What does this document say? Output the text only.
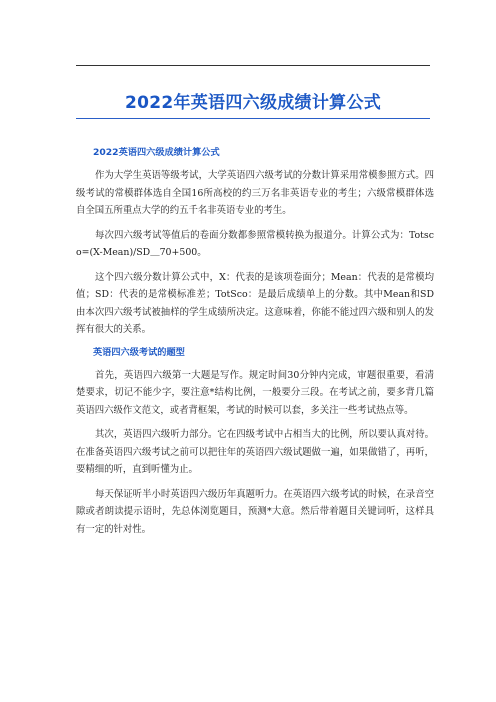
2022年英语四六级成绩计算公式
2022英语四六级成绩计算公式

作为大学生英语等级考试，大学英语四六级考试的分数计算采用常模参照方式。四级考试的常模群体选自全国16所高校的约三万名非英语专业的考生；六级常模群体选自全国五所重点大学的约五千名非英语专业的考生。

每次四六级考试等值后的卷面分数都参照常模转换为报道分。计算公式为：Totsco=(X-Mean)/SD＿70+500。

这个四六级分数计算公式中，X：代表的是该项卷面分；Mean：代表的是常模均值；SD：代表的是常模标准差；TotSco：是最后成绩单上的分数。其中Mean和SD由本次四六级考试被抽样的学生成绩所决定。这意味着，你能不能过四六级和别人的发挥有很大的关系。

英语四六级考试的题型

首先，英语四六级第一大题是写作。规定时间30分钟内完成，审题很重要，看清楚要求，切记不能少字，要注意*结构比例，一般要分三段。在考试之前，要多背几篇英语四六级作文范文，或者背框架，考试的时候可以套，多关注一些考试热点等。

其次，英语四六级听力部分。它在四级考试中占相当大的比例，所以要认真对待。在准备英语四六级考试之前可以把往年的英语四六级试题做一遍，如果做错了，再听，要精细的听，直到听懂为止。

每天保证听半小时英语四六级历年真题听力。在英语四六级考试的时候，在录音空隙或者朗读提示语时，先总体浏览题目，预测*大意。然后带着题目关键词听，这样具有一定的针对性。
